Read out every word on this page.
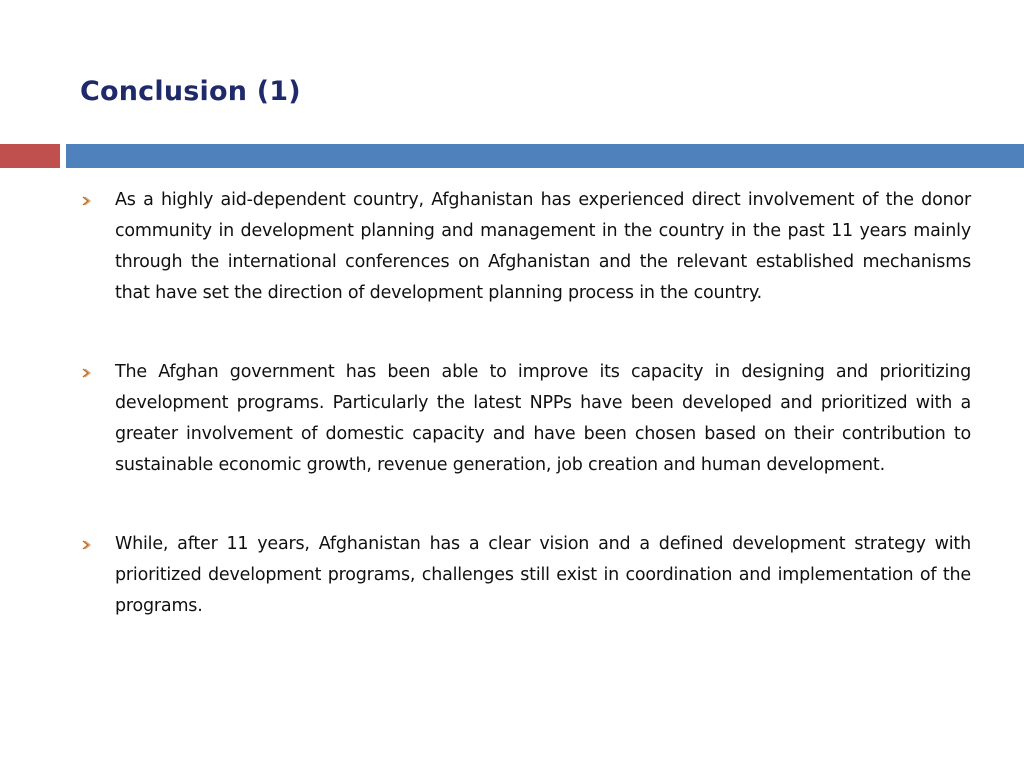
Conclusion (1)
As a highly aid-dependent country, Afghanistan has experienced direct involvement of the donor community in development planning and management in the country in the past 11 years mainly through the international conferences on Afghanistan and the relevant established mechanisms that have set the direction of development planning process in the country.
The Afghan government has been able to improve its capacity in designing and prioritizing development programs. Particularly the latest NPPs have been developed and prioritized with a greater involvement of domestic capacity and have been chosen based on their contribution to sustainable economic growth, revenue generation, job creation and human development.
While, after 11 years, Afghanistan has a clear vision and a defined development strategy with prioritized development programs, challenges still exist in coordination and implementation of the programs.
